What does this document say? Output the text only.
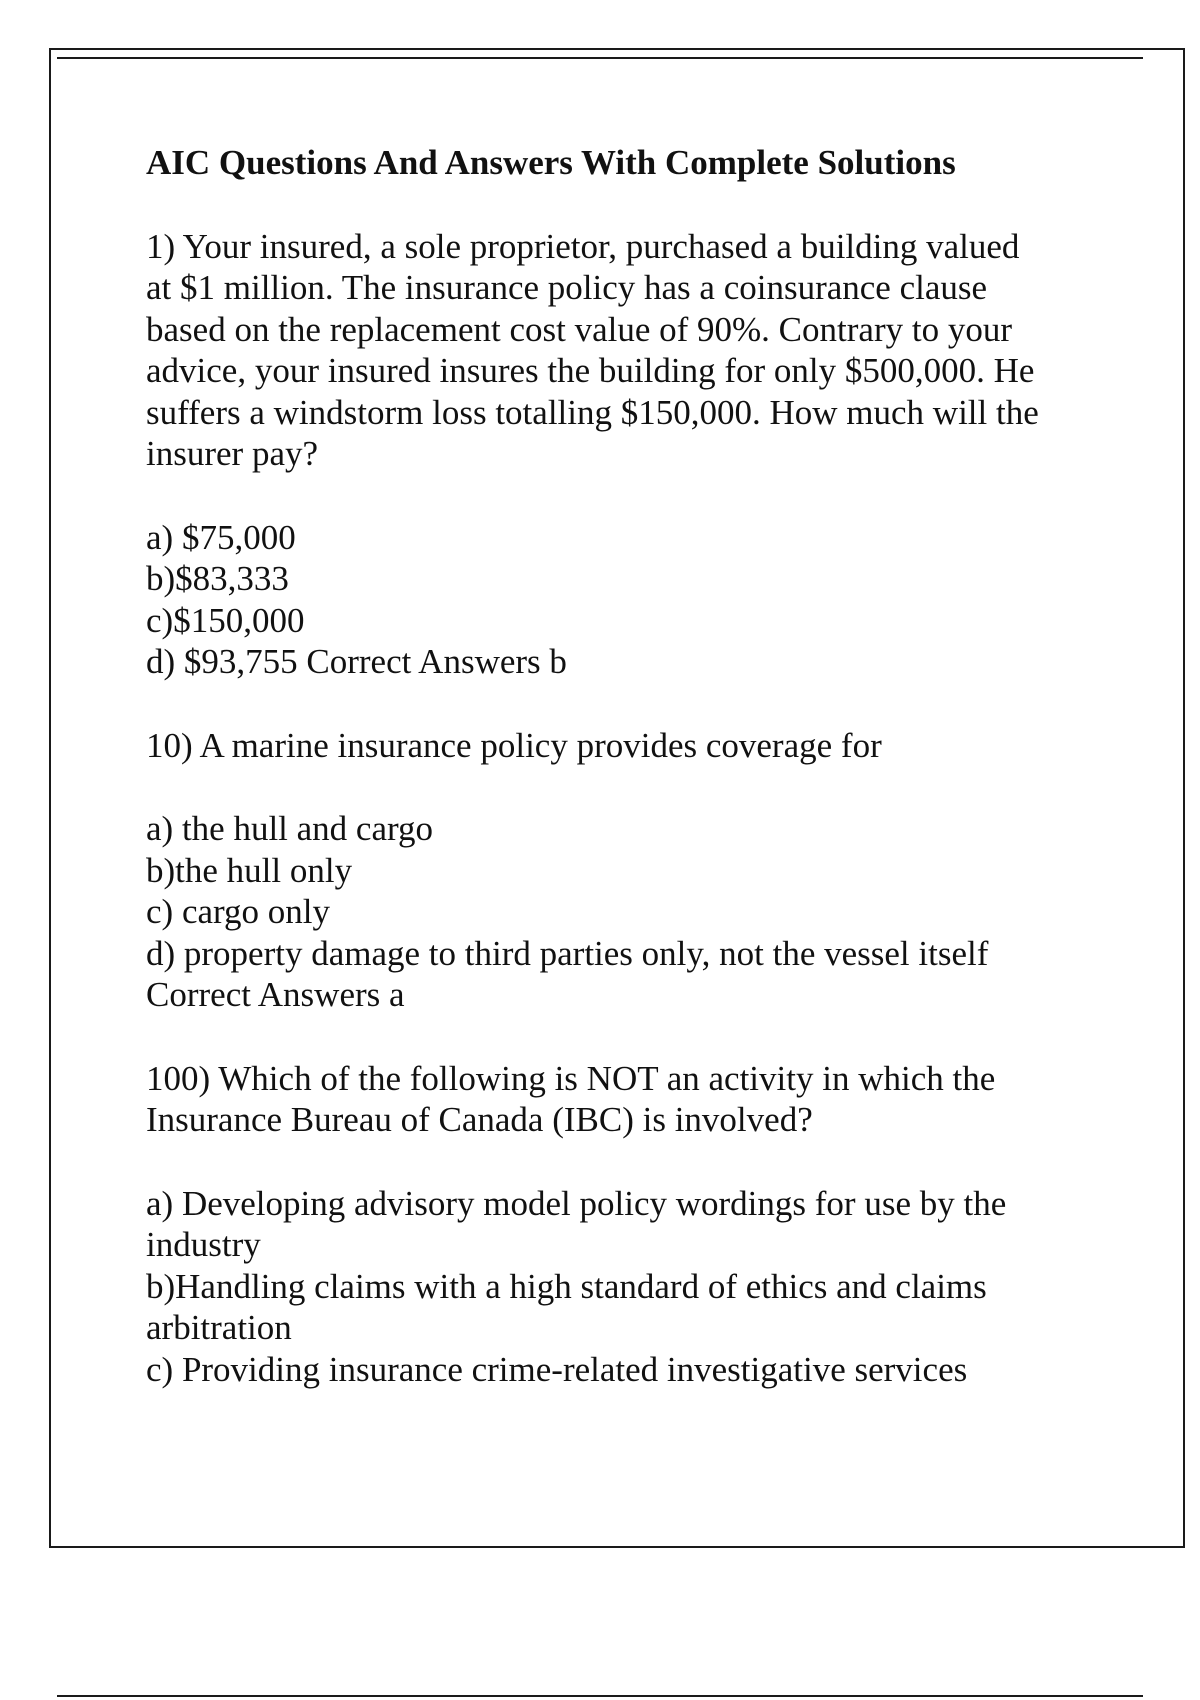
AIC Questions And Answers With Complete Solutions
1) Your insured, a sole proprietor, purchased a building valued
at $1 million. The insurance policy has a coinsurance clause
based on the replacement cost value of 90%. Contrary to your
advice, your insured insures the building for only $500,000. He
suffers a windstorm loss totalling $150,000. How much will the
insurer pay?
a) $75,000
b)$83,333
c)$150,000
d) $93,755 Correct Answers b
10) A marine insurance policy provides coverage for
a) the hull and cargo
b)the hull only
c) cargo only
d) property damage to third parties only, not the vessel itself
Correct Answers a
100) Which of the following is NOT an activity in which the
Insurance Bureau of Canada (IBC) is involved?
a) Developing advisory model policy wordings for use by the
industry
b)Handling claims with a high standard of ethics and claims
arbitration
c) Providing insurance crime-related investigative services
